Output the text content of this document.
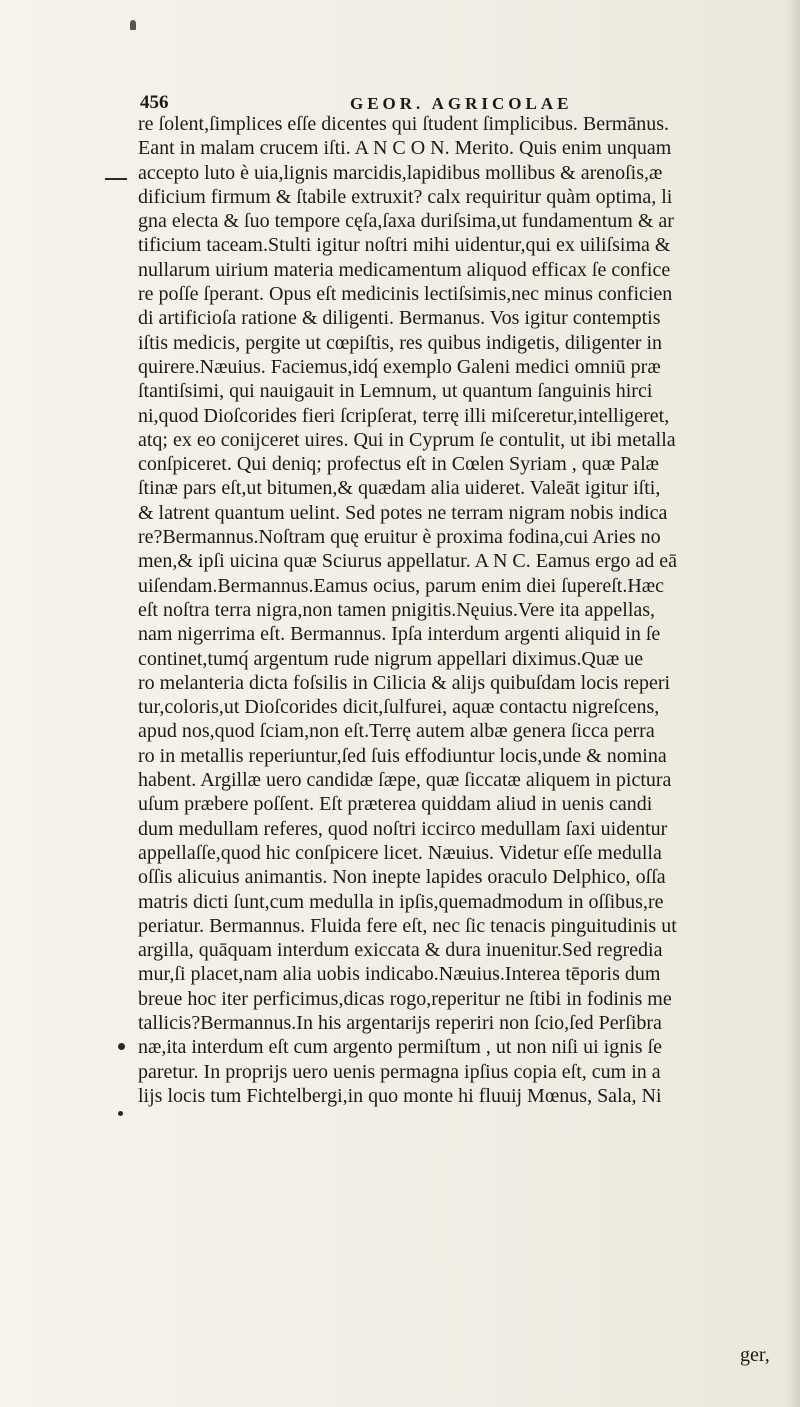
456	GEOR. AGRICOLAE
re ſolent,ſimplices eſſe dicentes qui ſtudent ſimplicibus. Bermānus.
Eant in malam crucem iſti. A N C O N. Merito. Quis enim unquam
accepto luto è uia,lignis marcidis,lapidibus mollibus & arenoſis,æ
dificium firmum & ſtabile extruxit? calx requiritur quàm optima, li
gna electa & ſuo tempore cęſa,ſaxa duriſsima,ut fundamentum & ar
tificium taceam.Stulti igitur noſtri mihi uidentur,qui ex uiliſsima &
nullarum uirium materia medicamentum aliquod efficax ſe confice
re poſſe ſperant. Opus eſt medicinis lectiſsimis,nec minus conficien
di artificioſa ratione & diligenti. Bermanus. Vos igitur contemptis
iſtis medicis, pergite ut cœpiſtis, res quibus indigetis, diligenter in
quirere.Næuius. Faciemus,idq́ exemplo Galeni medici omniū præ
ſtantiſsimi, qui nauigauit in Lemnum, ut quantum ſanguinis hirci
ni,quod Dioſcorides fieri ſcripſerat, terrę illi miſceretur,intelligeret,
atq; ex eo conijceret uires. Qui in Cyprum ſe contulit, ut ibi metalla
conſpiceret. Qui deniq; profectus eſt in Cœlen Syriam , quæ Palæ
ſtinæ pars eſt,ut bitumen,& quædam alia uideret. Valeāt igitur iſti,
& latrent quantum uelint. Sed potes ne terram nigram nobis indica
re?Bermannus.Noſtram quę eruitur è proxima fodina,cui Aries no
men,& ipſi uicina quæ Sciurus appellatur. A N C. Eamus ergo ad eā
uiſendam.Bermannus.Eamus ocius, parum enim diei ſupereſt.Hæc
eſt noſtra terra nigra,non tamen pnigitis.Nęuius.Vere ita appellas,
nam nigerrima eſt. Bermannus. Ipſa interdum argenti aliquid in ſe
continet,tumq́ argentum rude nigrum appellari diximus.Quæ ue
ro melanteria dicta foſsilis in Cilicia & alijs quibuſdam locis reperi
tur,coloris,ut Dioſcorides dicit,ſulfurei, aquæ contactu nigreſcens,
apud nos,quod ſciam,non eſt.Terrę autem albæ genera ſicca perra
ro in metallis reperiuntur,ſed ſuis effodiuntur locis,unde & nomina
habent. Argillæ uero candidæ ſæpe, quæ ſiccatæ aliquem in pictura
uſum præbere poſſent. Eſt præterea quiddam aliud in uenis candi
dum medullam referes, quod noſtri iccirco medullam ſaxi uidentur
appellaſſe,quod hic conſpicere licet. Næuius. Videtur eſſe medulla
oſſis alicuius animantis. Non inepte lapides oraculo Delphico, oſſa
matris dicti ſunt,cum medulla in ipſis,quemadmodum in oſſibus,re
periatur. Bermannus. Fluida fere eſt, nec ſic tenacis pinguitudinis ut
argilla, quāquam interdum exiccata & dura inuenitur.Sed regredia
mur,ſi placet,nam alia uobis indicabo.Næuius.Interea tēporis dum
breue hoc iter perficimus,dicas rogo,reperitur ne ſtibi in fodinis me
tallicis?Bermannus.In his argentarijs reperiri non ſcio,ſed Perſibra
næ,ita interdum eſt cum argento permiſtum , ut non niſi ui ignis ſe
paretur. In proprijs uero uenis permagna ipſius copia eſt, cum in a
lijs locis tum Fichtelbergi,in quo monte hi fluuij Mœnus, Sala, Ni
ger,
